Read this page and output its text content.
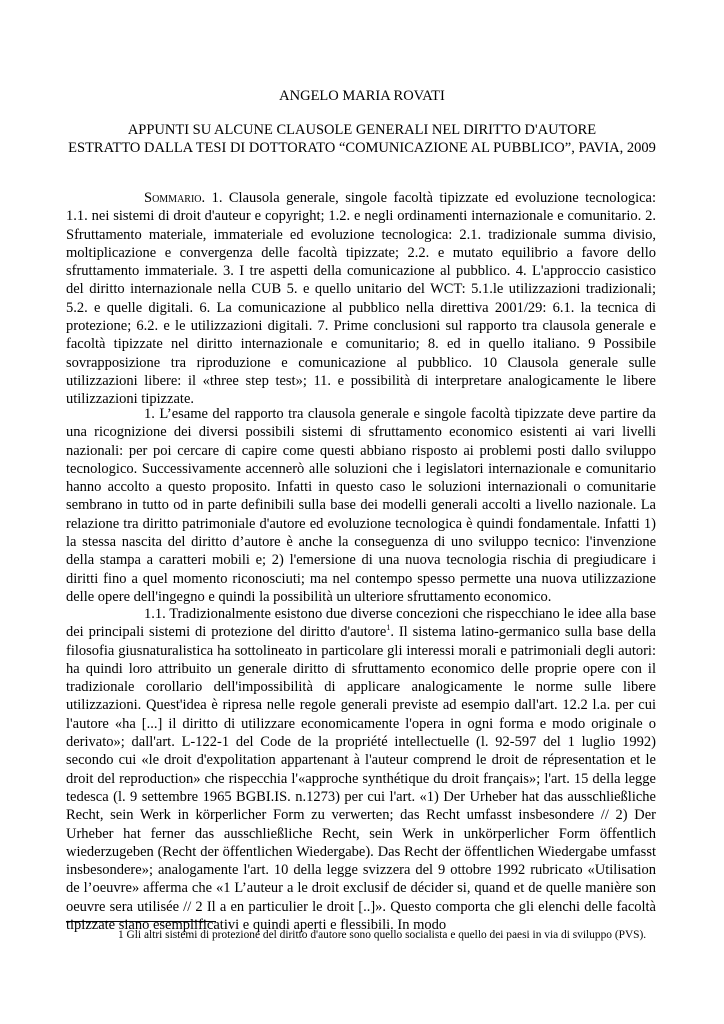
ANGELO MARIA ROVATI
APPUNTI SU ALCUNE CLAUSOLE GENERALI NEL DIRITTO D'AUTORE
ESTRATTO DALLA TESI DI DOTTORATO “COMUNICAZIONE AL PUBBLICO”, PAVIA, 2009
Sommario. 1. Clausola generale, singole facoltà tipizzate ed evoluzione tecnologica: 1.1. nei sistemi di droit d'auteur e copyright; 1.2. e negli ordinamenti internazionale e comunitario. 2. Sfruttamento materiale, immateriale ed evoluzione tecnologica: 2.1. tradizionale summa divisio, moltiplicazione e convergenza delle facoltà tipizzate; 2.2. e mutato equilibrio a favore dello sfruttamento immateriale. 3. I tre aspetti della comunicazione al pubblico. 4. L'approccio casistico del diritto internazionale nella CUB 5. e quello unitario del WCT: 5.1.le utilizzazioni tradizionali; 5.2. e quelle digitali. 6. La comunicazione al pubblico nella direttiva 2001/29: 6.1. la tecnica di protezione; 6.2. e le utilizzazioni digitali. 7. Prime conclusioni sul rapporto tra clausola generale e facoltà tipizzate nel diritto internazionale e comunitario; 8. ed in quello italiano. 9 Possibile sovrapposizione tra riproduzione e comunicazione al pubblico. 10 Clausola generale sulle utilizzazioni libere: il «three step test»; 11. e possibilità di interpretare analogicamente le libere utilizzazioni tipizzate.
1. L’esame del rapporto tra clausola generale e singole facoltà tipizzate deve partire da una ricognizione dei diversi possibili sistemi di sfruttamento economico esistenti ai vari livelli nazionali: per poi cercare di capire come questi abbiano risposto ai problemi posti dallo sviluppo tecnologico. Successivamente accennerò alle soluzioni che i legislatori internazionale e comunitario hanno accolto a questo proposito. Infatti in questo caso le soluzioni internazionali o comunitarie sembrano in tutto od in parte definibili sulla base dei modelli generali accolti a livello nazionale. La relazione tra diritto patrimoniale d'autore ed evoluzione tecnologica è quindi fondamentale. Infatti 1) la stessa nascita del diritto d’autore è anche la conseguenza di uno sviluppo tecnico: l'invenzione della stampa a caratteri mobili e; 2) l'emersione di una nuova tecnologia rischia di pregiudicare i diritti fino a quel momento riconosciuti; ma nel contempo spesso permette una nuova utilizzazione delle opere dell'ingegno e quindi la possibilità un ulteriore sfruttamento economico.
1.1. Tradizionalmente esistono due diverse concezioni che rispecchiano le idee alla base dei principali sistemi di protezione del diritto d'autore$^1$. Il sistema latino-germanico sulla base della filosofia giusnaturalistica ha sottolineato in particolare gli interessi morali e patrimoniali degli autori: ha quindi loro attribuito un generale diritto di sfruttamento economico delle proprie opere con il tradizionale corollario dell'impossibilità di applicare analogicamente le norme sulle libere utilizzazioni. Quest'idea è ripresa nelle regole generali previste ad esempio dall'art. 12.2 l.a. per cui l'autore «ha [...] il diritto di utilizzare economicamente l'opera in ogni forma e modo originale o derivato»; dall'art. L-122-1 del Code de la propriété intellectuelle (l. 92-597 del 1 luglio 1992) secondo cui «le droit d'expolitation appartenant à l'auteur comprend le droit de répresentation et le droit del reproduction» che rispecchia l'«approche synthétique du droit français»; l'art. 15 della legge tedesca (l. 9 settembre 1965 BGBI.IS. n.1273) per cui l'art. «1) Der Urheber hat das ausschließliche Recht, sein Werk in körperlicher Form zu verwerten; das Recht umfasst insbesondere // 2) Der Urheber hat ferner das ausschließliche Recht, sein Werk in unkörperlicher Form öffentlich wiederzugeben (Recht der öffentlichen Wiedergabe). Das Recht der öffentlichen Wiedergabe umfasst insbesondere»; analogamente l'art. 10 della legge svizzera del 9 ottobre 1992 rubricato «Utilisation de l’oeuvre» afferma che «1 L’auteur a le droit exclusif de décider si, quand et de quelle manière son oeuvre sera utilisée // 2 Il a en particulier le droit [..]». Questo comporta che gli elenchi delle facoltà tipizzate siano esemplificativi e quindi aperti e flessibili. In modo
1 Gli altri sistemi di protezione del diritto d'autore sono quello socialista e quello dei paesi in via di sviluppo (PVS).
